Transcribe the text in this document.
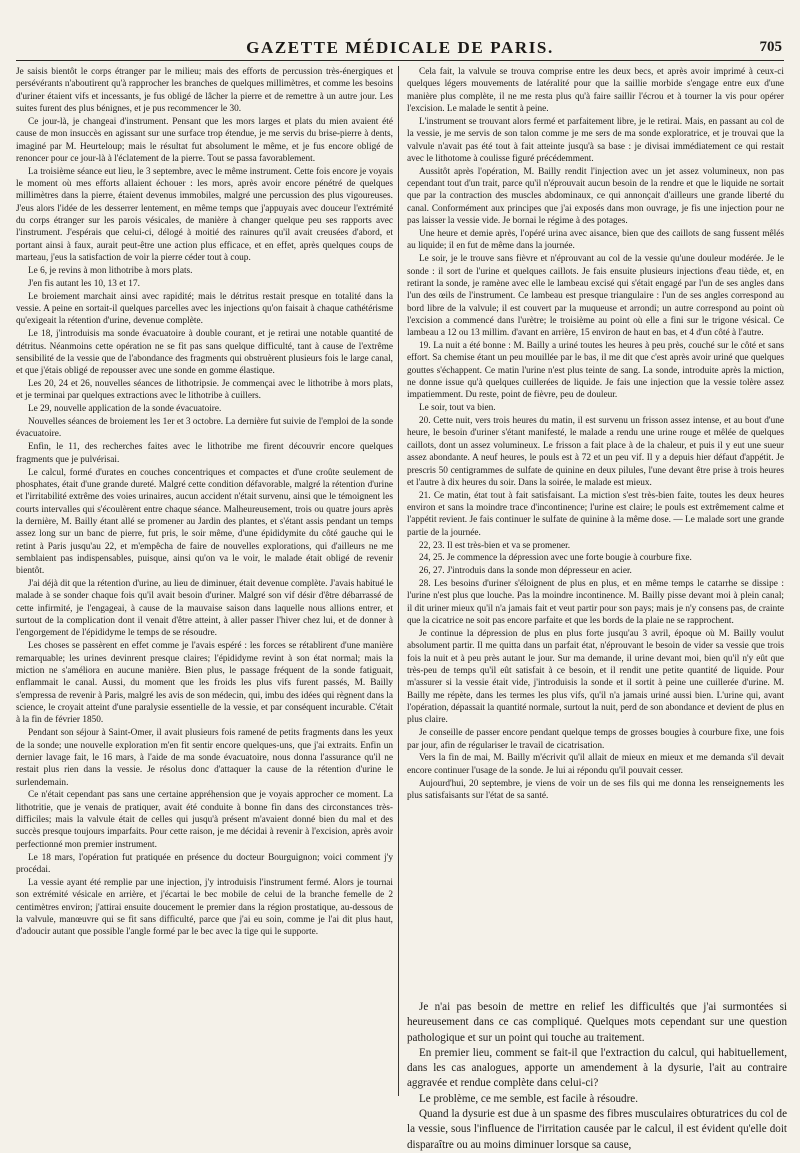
GAZETTE MÉDICALE DE PARIS.	705

Je saisis bientôt le corps étranger par le milieu; mais des efforts de percussion très-énergiques et persévérants n'aboutirent qu'à rapprocher les branches de quelques millimètres, et comme les besoins d'uriner étaient vifs et incessants, je fus obligé de lâcher la pierre et de remettre à un autre jour. Les suites furent des plus bénignes, et je pus recommencer le 30.

Ce jour-là, je changeai d'instrument. Pensant que les mors larges et plats du mien avaient été cause de mon insuccès en agissant sur une surface trop étendue, je me servis du brise-pierre à dents, imaginé par M. Heurteloup; mais le résultat fut absolument le même, et je fus encore obligé de renoncer pour ce jour-là à l'éclatement de la pierre. Tout se passa favorablement.

La troisième séance eut lieu, le 3 septembre, avec le même instrument. Cette fois encore je voyais le moment où mes efforts allaient échouer : les mors, après avoir encore pénétré de quelques millimètres dans la pierre, étaient devenus immobiles, malgré une percussion des plus vigoureuses. J'eus alors l'idée de les desserrer lentement, en même temps que j'appuyais avec douceur l'extrémité du corps étranger sur les parois vésicales, de manière à changer quelque peu ses rapports avec l'instrument. J'espérais que celui-ci, délogé à moitié des rainures qu'il avait creusées d'abord, et portant ainsi à faux, aurait peut-être une action plus efficace, et en effet, après quelques coups de marteau, j'eus la satisfaction de voir la pierre céder tout à coup.

Le 6, je revins à mon lithotribe à mors plats.

J'en fis autant les 10, 13 et 17.

Le broiement marchait ainsi avec rapidité; mais le détritus restait presque en totalité dans la vessie. A peine en sortait-il quelques parcelles avec les injections qu'on faisait à chaque cathétérisme qu'exigeait la rétention d'urine, devenue complète.

Le 18, j'introduisis ma sonde évacuatoire à double courant, et je retirai une notable quantité de détritus. Néanmoins cette opération ne se fit pas sans quelque difficulté, tant à cause de l'extrême sensibilité de la vessie que de l'abondance des fragments qui obstruèrent plusieurs fois le large canal, et que j'étais obligé de repousser avec une sonde en gomme élastique.

Les 20, 24 et 26, nouvelles séances de lithotripsie. Je commençai avec le lithotribe à mors plats, et je terminai par quelques extractions avec le lithotribe à cuillers.

Le 29, nouvelle application de la sonde évacuatoire.

Nouvelles séances de broiement les 1er et 3 octobre. La dernière fut suivie de l'emploi de la sonde évacuatoire.

Enfin, le 11, des recherches faites avec le lithotribe me firent découvrir encore quelques fragments que je pulvérisai.

Le calcul, formé d'urates en couches concentriques et compactes et d'une croûte seulement de phosphates, était d'une grande dureté. Malgré cette condition défavorable, malgré la rétention d'urine et l'irritabilité extrême des voies urinaires, aucun accident n'était survenu, ainsi que le témoignent les courts intervalles qui s'écoulèrent entre chaque séance. Malheureusement, trois ou quatre jours après la dernière, M. Bailly étant allé se promener au Jardin des plantes, et s'étant assis pendant un temps assez long sur un banc de pierre, fut pris, le soir même, d'une épididymite du côté gauche qui le retint à Paris jusqu'au 22, et m'empêcha de faire de nouvelles explorations, qui d'ailleurs ne me semblaient pas indispensables, puisque, ainsi qu'on va le voir, le malade était obligé de revenir bientôt.

J'ai déjà dit que la rétention d'urine, au lieu de diminuer, était devenue complète. J'avais habitué le malade à se sonder chaque fois qu'il avait besoin d'uriner. Malgré son vif désir d'être débarrassé de cette infirmité, je l'engageai, à cause de la mauvaise saison dans laquelle nous allions entrer, et surtout de la complication dont il venait d'être atteint, à aller passer l'hiver chez lui, et de donner à l'engorgement de l'épididyme le temps de se résoudre.

Les choses se passèrent en effet comme je l'avais espéré : les forces se rétablirent d'une manière remarquable; les urines devinrent presque claires; l'épididyme revint à son état normal; mais la miction ne s'améliora en aucune manière. Bien plus, le passage fréquent de la sonde fatiguait, enflammait le canal. Aussi, du moment que les froids les plus vifs furent passés, M. Bailly s'empressa de revenir à Paris, malgré les avis de son médecin, qui, imbu des idées qui règnent dans la science, le croyait atteint d'une paralysie essentielle de la vessie, et par conséquent incurable. C'était à la fin de février 1850.

Pendant son séjour à Saint-Omer, il avait plusieurs fois ramené de petits fragments dans les yeux de la sonde; une nouvelle exploration m'en fit sentir encore quelques-uns, que j'ai extraits. Enfin un dernier lavage fait, le 16 mars, à l'aide de ma sonde évacuatoire, nous donna l'assurance qu'il ne restait plus rien dans la vessie. Je résolus donc d'attaquer la cause de la rétention d'urine le surlendemain.

Ce n'était cependant pas sans une certaine appréhension que je voyais approcher ce moment. La lithotritie, que je venais de pratiquer, avait été conduite à bonne fin dans des circonstances très-difficiles; mais la valvule était de celles qui jusqu'à présent m'avaient donné bien du mal et des succès presque toujours imparfaits. Pour cette raison, je me décidai à revenir à l'excision, après avoir perfectionné mon premier instrument.

Le 18 mars, l'opération fut pratiquée en présence du docteur Bourguignon; voici comment j'y procédai.

La vessie ayant été remplie par une injection, j'y introduisis l'instrument fermé. Alors je tournai son extrémité vésicale en arrière, et j'écartai le bec mobile de celui de la branche femelle de 2 centimètres environ; j'attirai ensuite doucement le premier dans la région prostatique, au-dessous de la valvule, manœuvre qui se fit sans difficulté, parce que j'ai eu soin, comme je l'ai dit plus haut, d'adoucir autant que possible l'angle formé par le bec avec la tige qui le supporte.

Cela fait, la valvule se trouva comprise entre les deux becs, et après avoir imprimé à ceux-ci quelques légers mouvements de latéralité pour que la saillie morbide s'engage entre eux d'une manière plus complète, il ne me resta plus qu'à faire saillir l'écrou et à tourner la vis pour opérer l'excision. Le malade le sentit à peine.

L'instrument se trouvant alors fermé et parfaitement libre, je le retirai. Mais, en passant au col de la vessie, je me servis de son talon comme je me sers de ma sonde exploratrice, et je trouvai que la valvule n'avait pas été tout à fait atteinte jusqu'à sa base : je divisai immédiatement ce qui restait avec le lithotome à coulisse figuré précédemment.

Aussitôt après l'opération, M. Bailly rendit l'injection avec un jet assez volumineux, non pas cependant tout d'un trait, parce qu'il n'éprouvait aucun besoin de la rendre et que le liquide ne sortait que par la contraction des muscles abdominaux, ce qui annonçait d'ailleurs une grande liberté du canal. Conformément aux principes que j'ai exposés dans mon ouvrage, je fis une injection pour ne pas laisser la vessie vide. Je bornai le régime à des potages.

Une heure et demie après, l'opéré urina avec aisance, bien que des caillots de sang fussent mêlés au liquide; il en fut de même dans la journée.

Le soir, je le trouve sans fièvre et n'éprouvant au col de la vessie qu'une douleur modérée. Je le sonde : il sort de l'urine et quelques caillots. Je fais ensuite plusieurs injections d'eau tiède, et, en retirant la sonde, je ramène avec elle le lambeau excisé qui s'était engagé par l'un de ses angles dans l'un des œils de l'instrument. Ce lambeau est presque triangulaire : l'un de ses angles correspond au bord libre de la valvule; il est couvert par la muqueuse et arrondi; un autre correspond au point où l'excision a commencé dans l'urètre; le troisième au point où elle a fini sur le trigone vésical. Ce lambeau a 12 ou 13 millim. d'avant en arrière, 15 environ de haut en bas, et 4 d'un côté à l'autre.

19. La nuit a été bonne : M. Bailly a uriné toutes les heures à peu près, couché sur le côté et sans effort. Sa chemise étant un peu mouillée par le bas, il me dit que c'est après avoir uriné que quelques gouttes s'échappent. Ce matin l'urine n'est plus teinte de sang. La sonde, introduite après la miction, ne donne issue qu'à quelques cuillerées de liquide. Je fais une injection que la vessie tolère assez impatiemment. Du reste, point de fièvre, peu de douleur.

Le soir, tout va bien.

20. Cette nuit, vers trois heures du matin, il est survenu un frisson assez intense, et au bout d'une heure, le besoin d'uriner s'étant manifesté, le malade a rendu une urine rouge et mêlée de quelques caillots, dont un assez volumineux. Le frisson a fait place à de la chaleur, et puis il y eut une sueur assez abondante. A neuf heures, le pouls est à 72 et un peu vif. Il y a depuis hier défaut d'appétit. Je prescris 50 centigrammes de sulfate de quinine en deux pilules, l'une devant être prise à trois heures et l'autre à dix heures du soir. Dans la soirée, le malade est mieux.

21. Ce matin, état tout à fait satisfaisant. La miction s'est très-bien faite, toutes les deux heures environ et sans la moindre trace d'incontinence; l'urine est claire; le pouls est extrêmement calme et l'appétit revient. Je fais continuer le sulfate de quinine à la même dose. — Le malade sort une grande partie de la journée.

22, 23. Il est très-bien et va se promener.

24, 25. Je commence la dépression avec une forte bougie à courbure fixe.

26, 27. J'introduis dans la sonde mon dépresseur en acier.

28. Les besoins d'uriner s'éloignent de plus en plus, et en même temps le catarrhe se dissipe : l'urine n'est plus que louche. Pas la moindre incontinence. M. Bailly pisse devant moi à plein canal; il dit uriner mieux qu'il n'a jamais fait et veut partir pour son pays; mais je n'y consens pas, de crainte que la cicatrice ne soit pas encore parfaite et que les bords de la plaie ne se rapprochent.

Je continue la dépression de plus en plus forte jusqu'au 3 avril, époque où M. Bailly voulut absolument partir. Il me quitta dans un parfait état, n'éprouvant le besoin de vider sa vessie que trois fois la nuit et à peu près autant le jour. Sur ma demande, il urine devant moi, bien qu'il n'y eût que très-peu de temps qu'il eût satisfait à ce besoin, et il rendit une petite quantité de liquide. Pour m'assurer si la vessie était vide, j'introduisis la sonde et il sortit à peine une cuillerée d'urine. M. Bailly me répète, dans les termes les plus vifs, qu'il n'a jamais uriné aussi bien. L'urine qui, avant l'opération, dépassait la quantité normale, surtout la nuit, perd de son abondance et devient de plus en plus claire.

Je conseille de passer encore pendant quelque temps de grosses bougies à courbure fixe, une fois par jour, afin de régulariser le travail de cicatrisation.

Vers la fin de mai, M. Bailly m'écrivit qu'il allait de mieux en mieux et me demanda s'il devait encore continuer l'usage de la sonde. Je lui ai répondu qu'il pouvait cesser.

Aujourd'hui, 20 septembre, je viens de voir un de ses fils qui me donna les renseignements les plus satisfaisants sur l'état de sa santé.

Je n'ai pas besoin de mettre en relief les difficultés que j'ai surmontées si heureusement dans ce cas compliqué. Quelques mots cependant sur une question pathologique et sur un point qui touche au traitement.

En premier lieu, comment se fait-il que l'extraction du calcul, qui habituellement, dans les cas analogues, apporte un amendement à la dysurie, l'ait au contraire aggravée et rendue complète dans celui-ci?

Le problème, ce me semble, est facile à résoudre.

Quand la dysurie est due à un spasme des fibres musculaires obturatrices du col de la vessie, sous l'influence de l'irritation causée par le calcul, il est évident qu'elle doit disparaître ou au moins diminuer lorsque sa cause,
